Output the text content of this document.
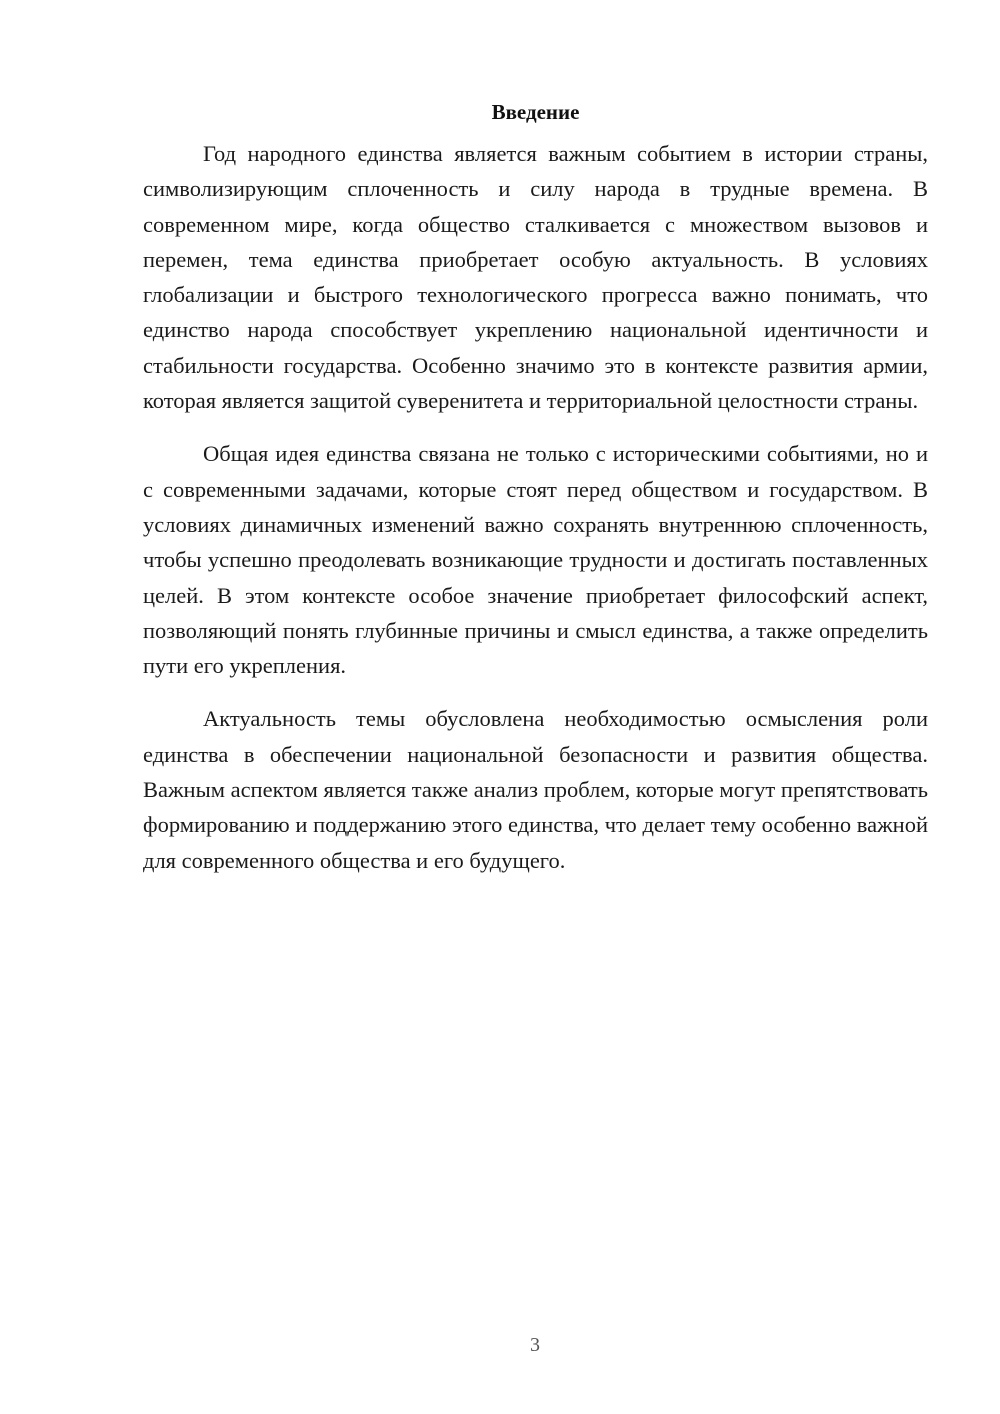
Введение

Год народного единства является важным событием в истории страны, символизирующим сплоченность и силу народа в трудные времена. В современном мире, когда общество сталкивается с множеством вызовов и перемен, тема единства приобретает особую актуальность. В условиях глобализации и быстрого технологического прогресса важно понимать, что единство народа способствует укреплению национальной идентичности и стабильности государства. Особенно значимо это в контексте развития армии, которая является защитой суверенитета и территориальной целостности страны.

Общая идея единства связана не только с историческими событиями, но и с современными задачами, которые стоят перед обществом и государством. В условиях динамичных изменений важно сохранять внутреннюю сплоченность, чтобы успешно преодолевать возникающие трудности и достигать поставленных целей. В этом контексте особое значение приобретает философский аспект, позволяющий понять глубинные причины и смысл единства, а также определить пути его укрепления.

Актуальность темы обусловлена необходимостью осмысления роли единства в обеспечении национальной безопасности и развития общества. Важным аспектом является также анализ проблем, которые могут препятствовать формированию и поддержанию этого единства, что делает тему особенно важной для современного общества и его будущего.

3
